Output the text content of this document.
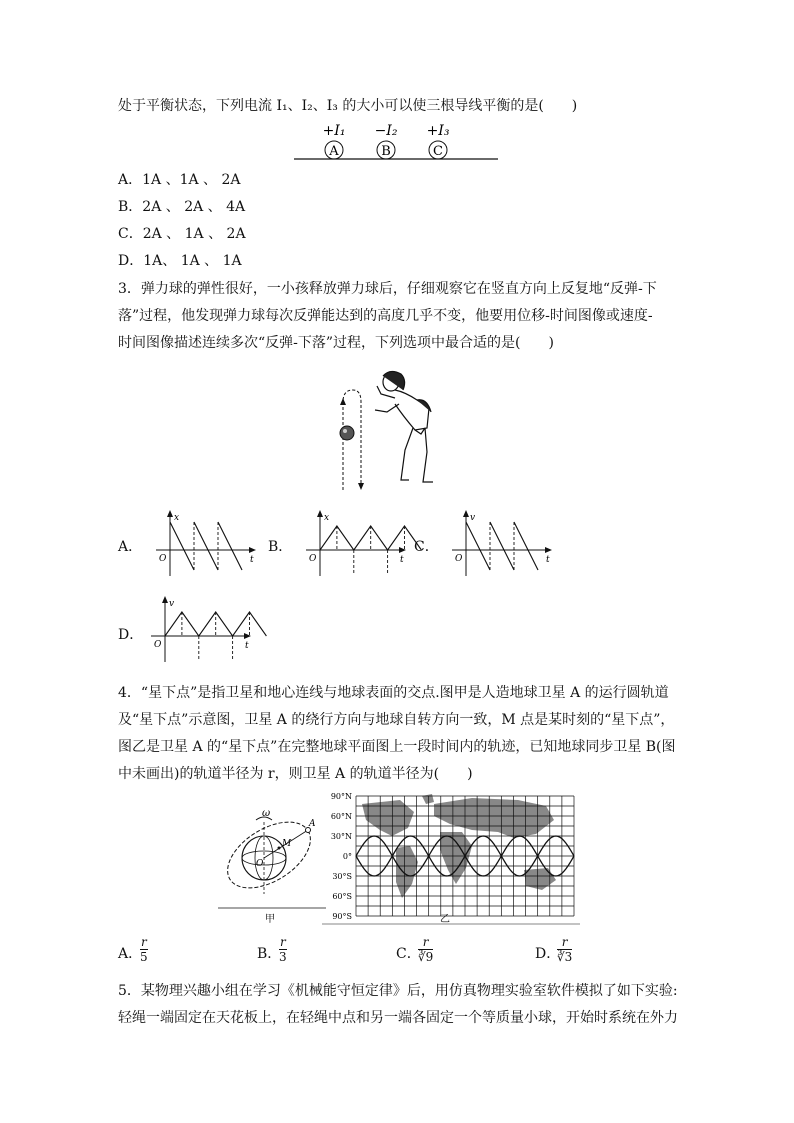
处于平衡状态，下列电流 I₁、I₂、I₃ 的大小可以使三根导线平衡的是(　　)
+I₁
A
−I₂
B
+I₃
C
A．1A 、1A 、 2A
B．2A 、 2A 、 4A
C．2A 、 1A 、 2A
D．1A、 1A 、 1A
3．弹力球的弹性很好，一小孩释放弹力球后，仔细观察它在竖直方向上反复地“反弹-下
落”过程，他发现弹力球每次反弹能达到的高度几乎不变，他要用位移-时间图像或速度-
时间图像描述连续多次“反弹-下落”过程，下列选项中最合适的是(　　)
A．
x
t
O
B．
x
t
O
C．
v
t
O
D．
v
t
O
4．“星下点”是指卫星和地心连线与地球表面的交点.图甲是人造地球卫星 A 的运行圆轨道
及“星下点”示意图，卫星 A 的绕行方向与地球自转方向一致，M 点是某时刻的“星下点”，
图乙是卫星 A 的“星下点”在完整地球平面图上一段时间内的轨迹，已知地球同步卫星 B(图
中未画出)的轨道半径为 r，则卫星 A 的轨道半径为(　　)
ω
A
M
O
甲
90°N
60°N
30°N
0°
30°S
60°S
90°S	乙
A．
$\frac{r}{5}$	B．
$\frac{r}{3}$	C．
$\frac{r}{∛9}$	D．
$\frac{r}{∛3}$
5．某物理兴趣小组在学习《机械能守恒定律》后，用仿真物理实验室软件模拟了如下实验:
轻绳一端固定在天花板上，在轻绳中点和另一端各固定一个等质量小球，开始时系统在外力
